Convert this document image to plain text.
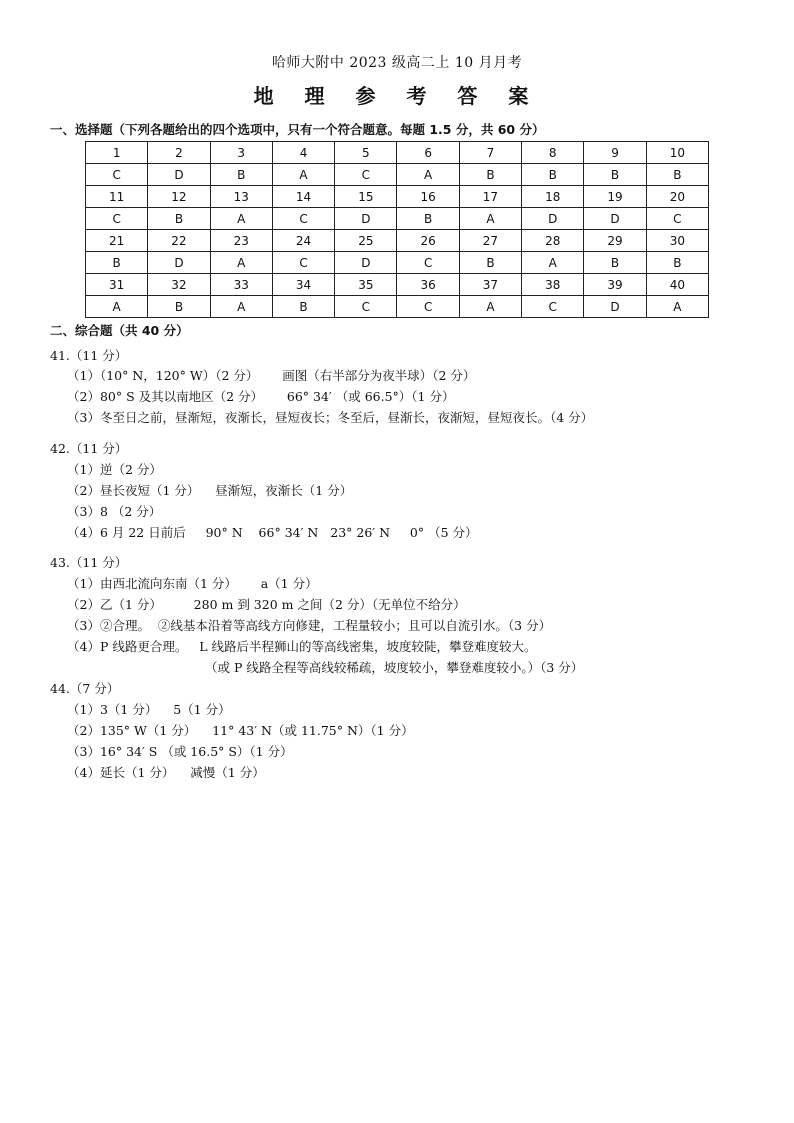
哈师大附中 2023 级高二上 10 月月考
地 理 参 考 答 案
一、选择题（下列各题给出的四个选项中，只有一个符合题意。每题 1.5 分，共 60 分）
1	2	3	4	5	6	7	8	9	10
C	D	B	A	C	A	B	B	B	B
11	12	13	14	15	16	17	18	19	20
C	B	A	C	D	B	A	D	D	C
21	22	23	24	25	26	27	28	29	30
B	D	A	C	D	C	B	A	B	B
31	32	33	34	35	36	37	38	39	40
A	B	A	B	C	C	A	C	D	A
二、综合题（共 40 分）
41.（11 分）
（1）（10° N，120° W）（2 分）      画图（右半部分为夜半球）（2 分）
（2）80° S 及其以南地区（2 分）      66° 34′ （或 66.5°）（1 分）
（3）冬至日之前，昼渐短，夜渐长，昼短夜长；冬至后，昼渐长，夜渐短，昼短夜长。（4 分）
42.（11 分）
（1）逆（2 分）
（2）昼长夜短（1 分）    昼渐短，夜渐长（1 分）
（3）8 （2 分）
（4）6 月 22 日前后     90° N    66° 34′ N   23° 26′ N     0° （5 分）
43.（11 分）
（1）由西北流向东南（1 分）      a（1 分）
（2）乙（1 分）        280 m 到 320 m 之间（2 分）（无单位不给分）
（3）②合理。  ②线基本沿着等高线方向修建，工程量较小；且可以自流引水。（3 分）
（4）P 线路更合理。   L 线路后半程狮山的等高线密集，坡度较陡，攀登难度较大。
（或 P 线路全程等高线较稀疏，坡度较小，攀登难度较小。）（3 分）
44.（7 分）
（1）3（1 分）    5（1 分）
（2）135° W（1 分）    11° 43′ N（或 11.75° N）（1 分）
（3）16° 34′ S （或 16.5° S）（1 分）
（4）延长（1 分）    减慢（1 分）
